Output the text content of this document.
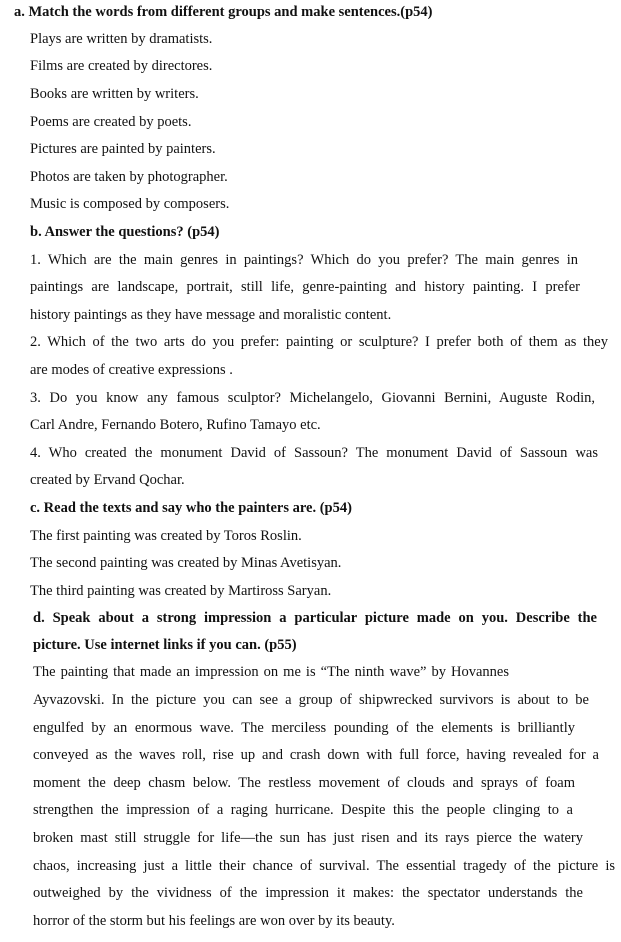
a. Match the words from different groups and make sentences.(p54)
Plays are written by dramatists.
Films are created by directores.
Books are written by writers.
Poems are created by poets.
Pictures are painted by painters.
Photos are taken by photographer.
Music is composed by composers.
b. Answer the questions? (p54)
1. Which are the main genres in paintings? Which do you prefer? The main genres in
paintings are landscape, portrait, still life, genre-painting and history painting. I prefer
history paintings as they have message and moralistic content.
2. Which of the two arts do you prefer: painting or sculpture? I prefer both of them as they
are modes of creative expressions .
3. Do you know any famous sculptor? Michelangelo, Giovanni Bernini, Auguste Rodin,
Carl Andre, Fernando Botero, Rufino Tamayo etc.
4. Who created the monument David of Sassoun? The monument David of Sassoun was
created by Ervand Qochar.
c. Read the texts and say who the painters are. (p54)
The first painting was created by Toros Roslin.
The second painting was created by Minas Avetisyan.
The third painting was created by Martiross Saryan.
d. Speak about a strong impression a particular picture made on you. Describe the
picture. Use internet links if you can. (p55)
The painting that made an impression on me is “The ninth wave” by Hovannes
Ayvazovski. In the picture you can see a group of shipwrecked survivors is about to be
engulfed by an enormous wave. The merciless pounding of the elements is brilliantly
conveyed as the waves roll, rise up and crash down with full force, having revealed for a
moment the deep chasm below. The restless movement of clouds and sprays of foam
strengthen the impression of a raging hurricane. Despite this the people clinging to a
broken mast still struggle for life—the sun has just risen and its rays pierce the watery
chaos, increasing just a little their chance of survival. The essential tragedy of the picture is
outweighed by the vividness of the impression it makes: the spectator understands the
horror of the storm but his feelings are won over by its beauty.
